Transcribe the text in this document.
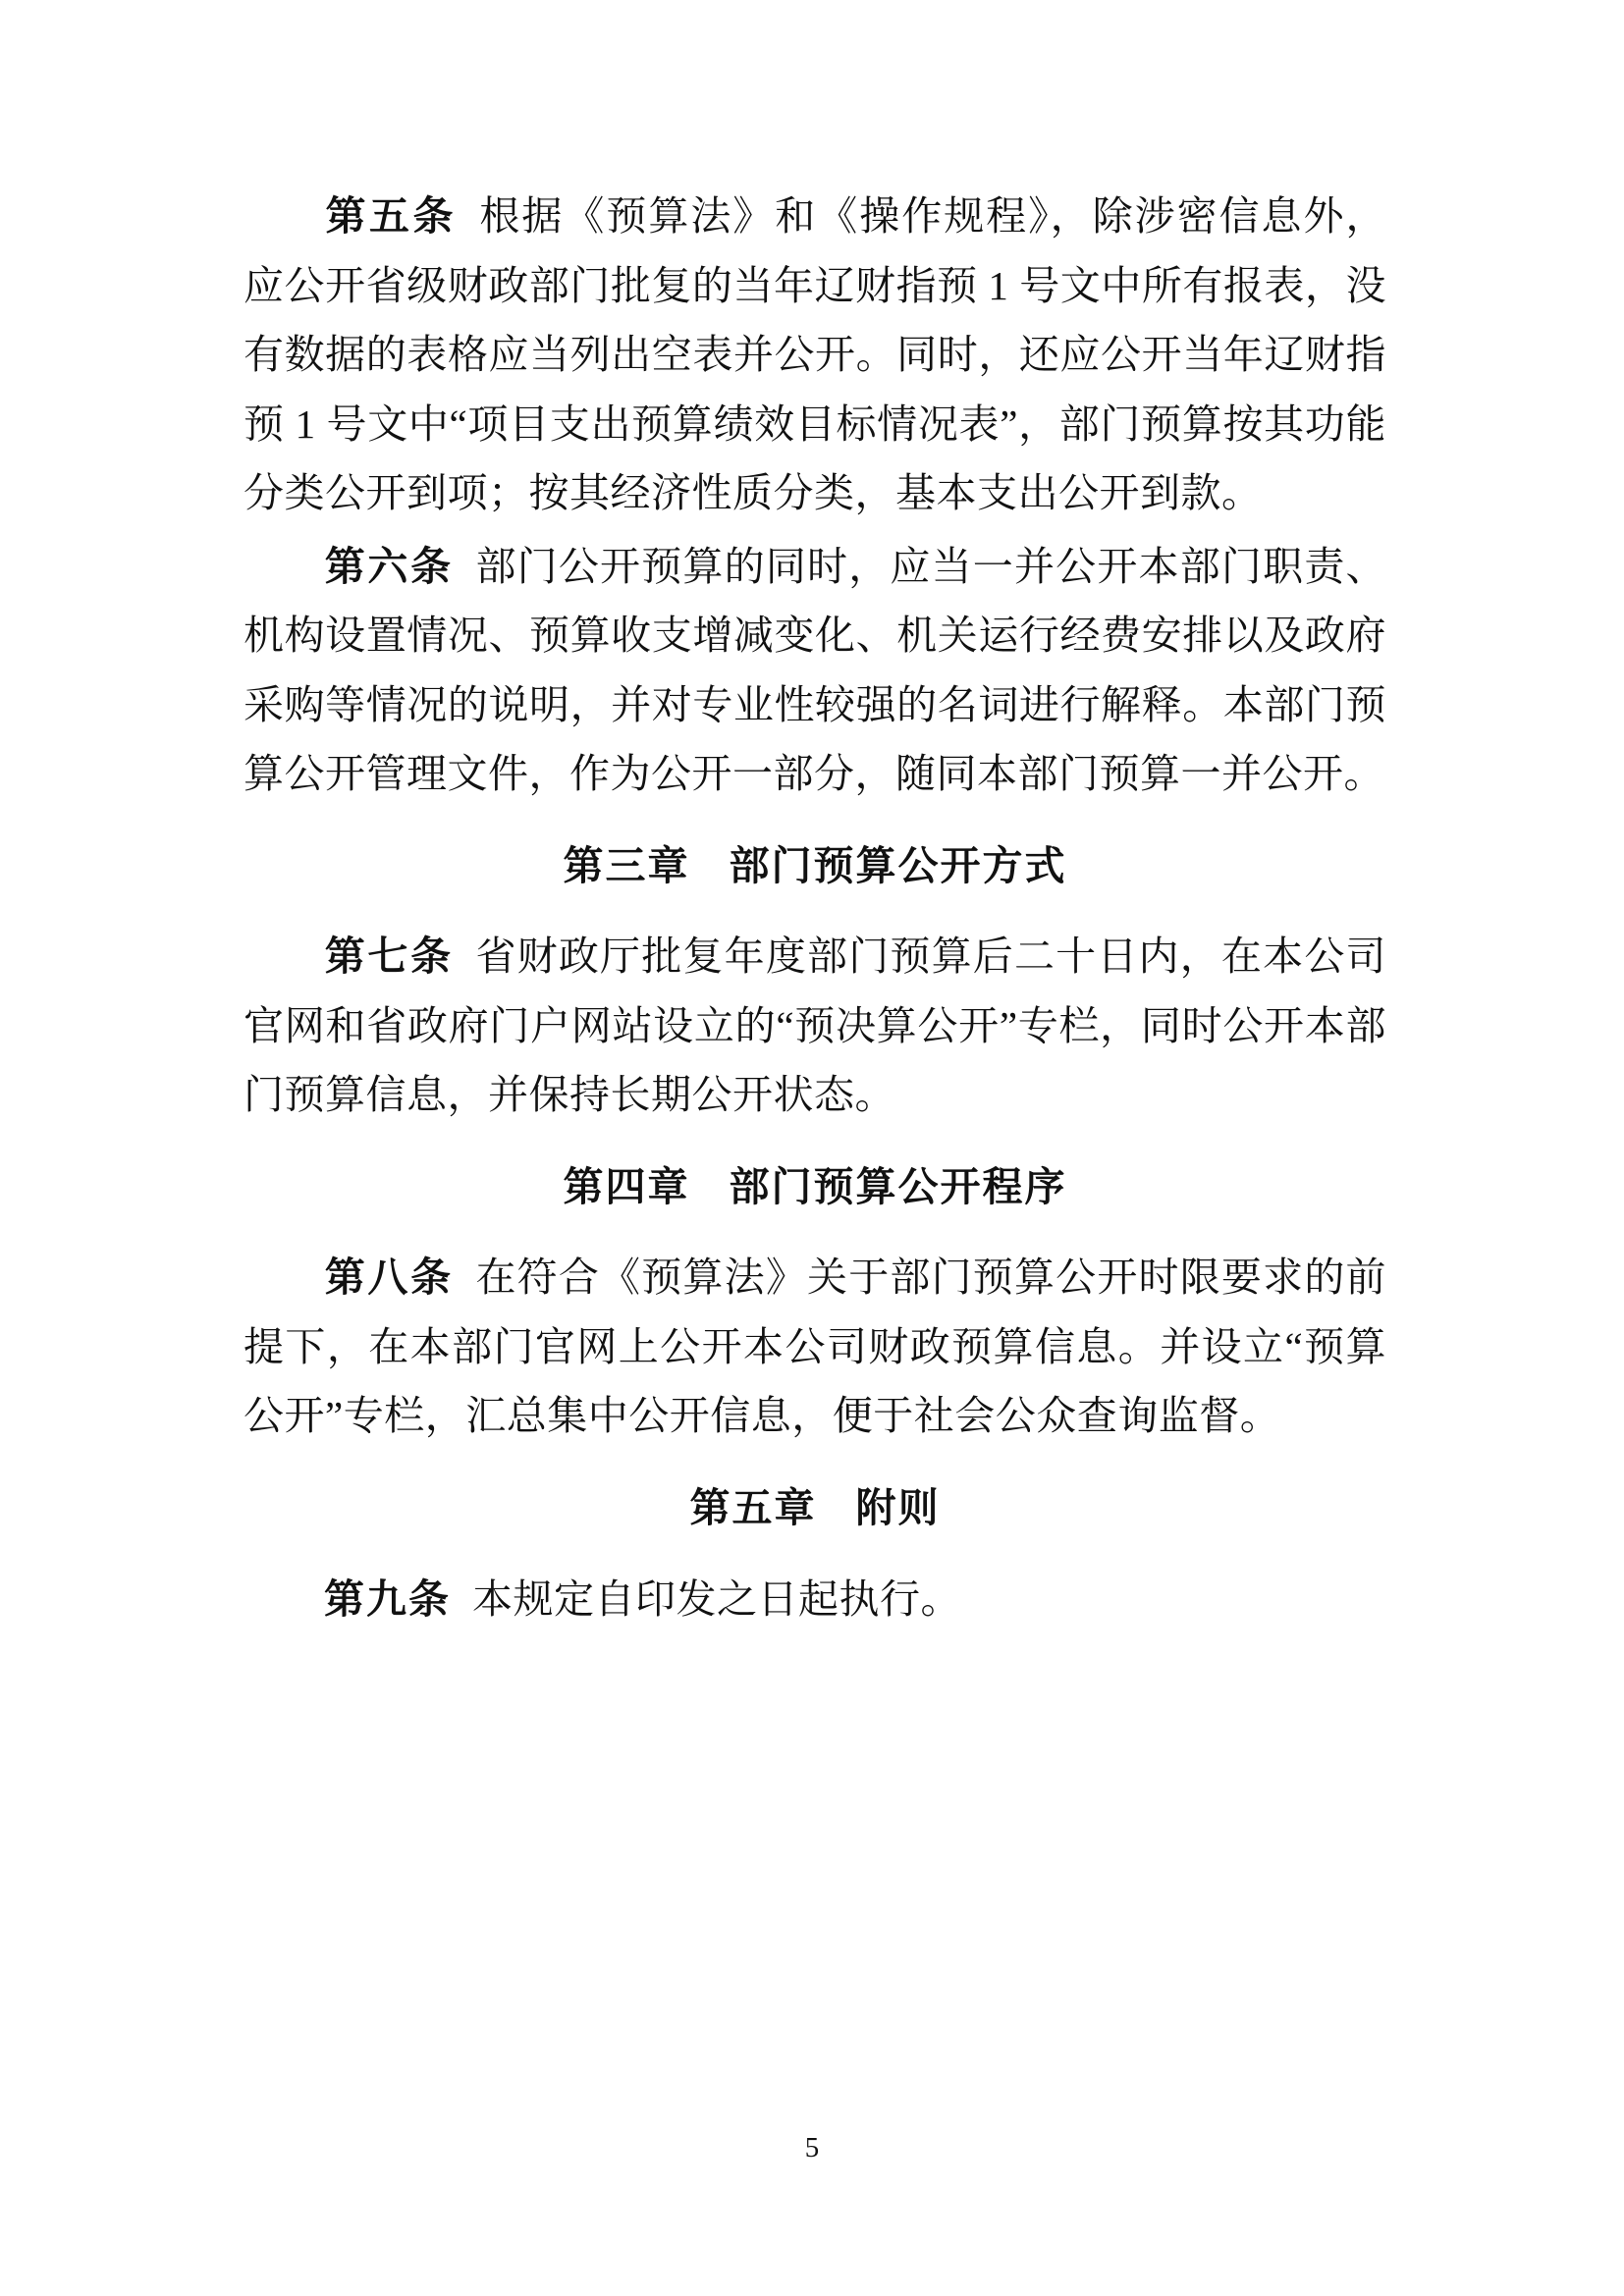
第五条 根据《预算法》和《操作规程》，除涉密信息外，应公开省级财政部门批复的当年辽财指预 1 号文中所有报表，没有数据的表格应当列出空表并公开。同时，还应公开当年辽财指预 1 号文中“项目支出预算绩效目标情况表”，部门预算按其功能分类公开到项；按其经济性质分类，基本支出公开到款。

第六条 部门公开预算的同时，应当一并公开本部门职责、机构设置情况、预算收支增减变化、机关运行经费安排以及政府采购等情况的说明，并对专业性较强的名词进行解释。本部门预算公开管理文件，作为公开一部分，随同本部门预算一并公开。

第三章 部门预算公开方式

第七条 省财政厅批复年度部门预算后二十日内，在本公司官网和省政府门户网站设立的“预决算公开”专栏，同时公开本部门预算信息，并保持长期公开状态。

第四章 部门预算公开程序

第八条 在符合《预算法》关于部门预算公开时限要求的前提下，在本部门官网上公开本公司财政预算信息。并设立“预算公开”专栏，汇总集中公开信息，便于社会公众查询监督。

第五章 附则

第九条 本规定自印发之日起执行。

5
